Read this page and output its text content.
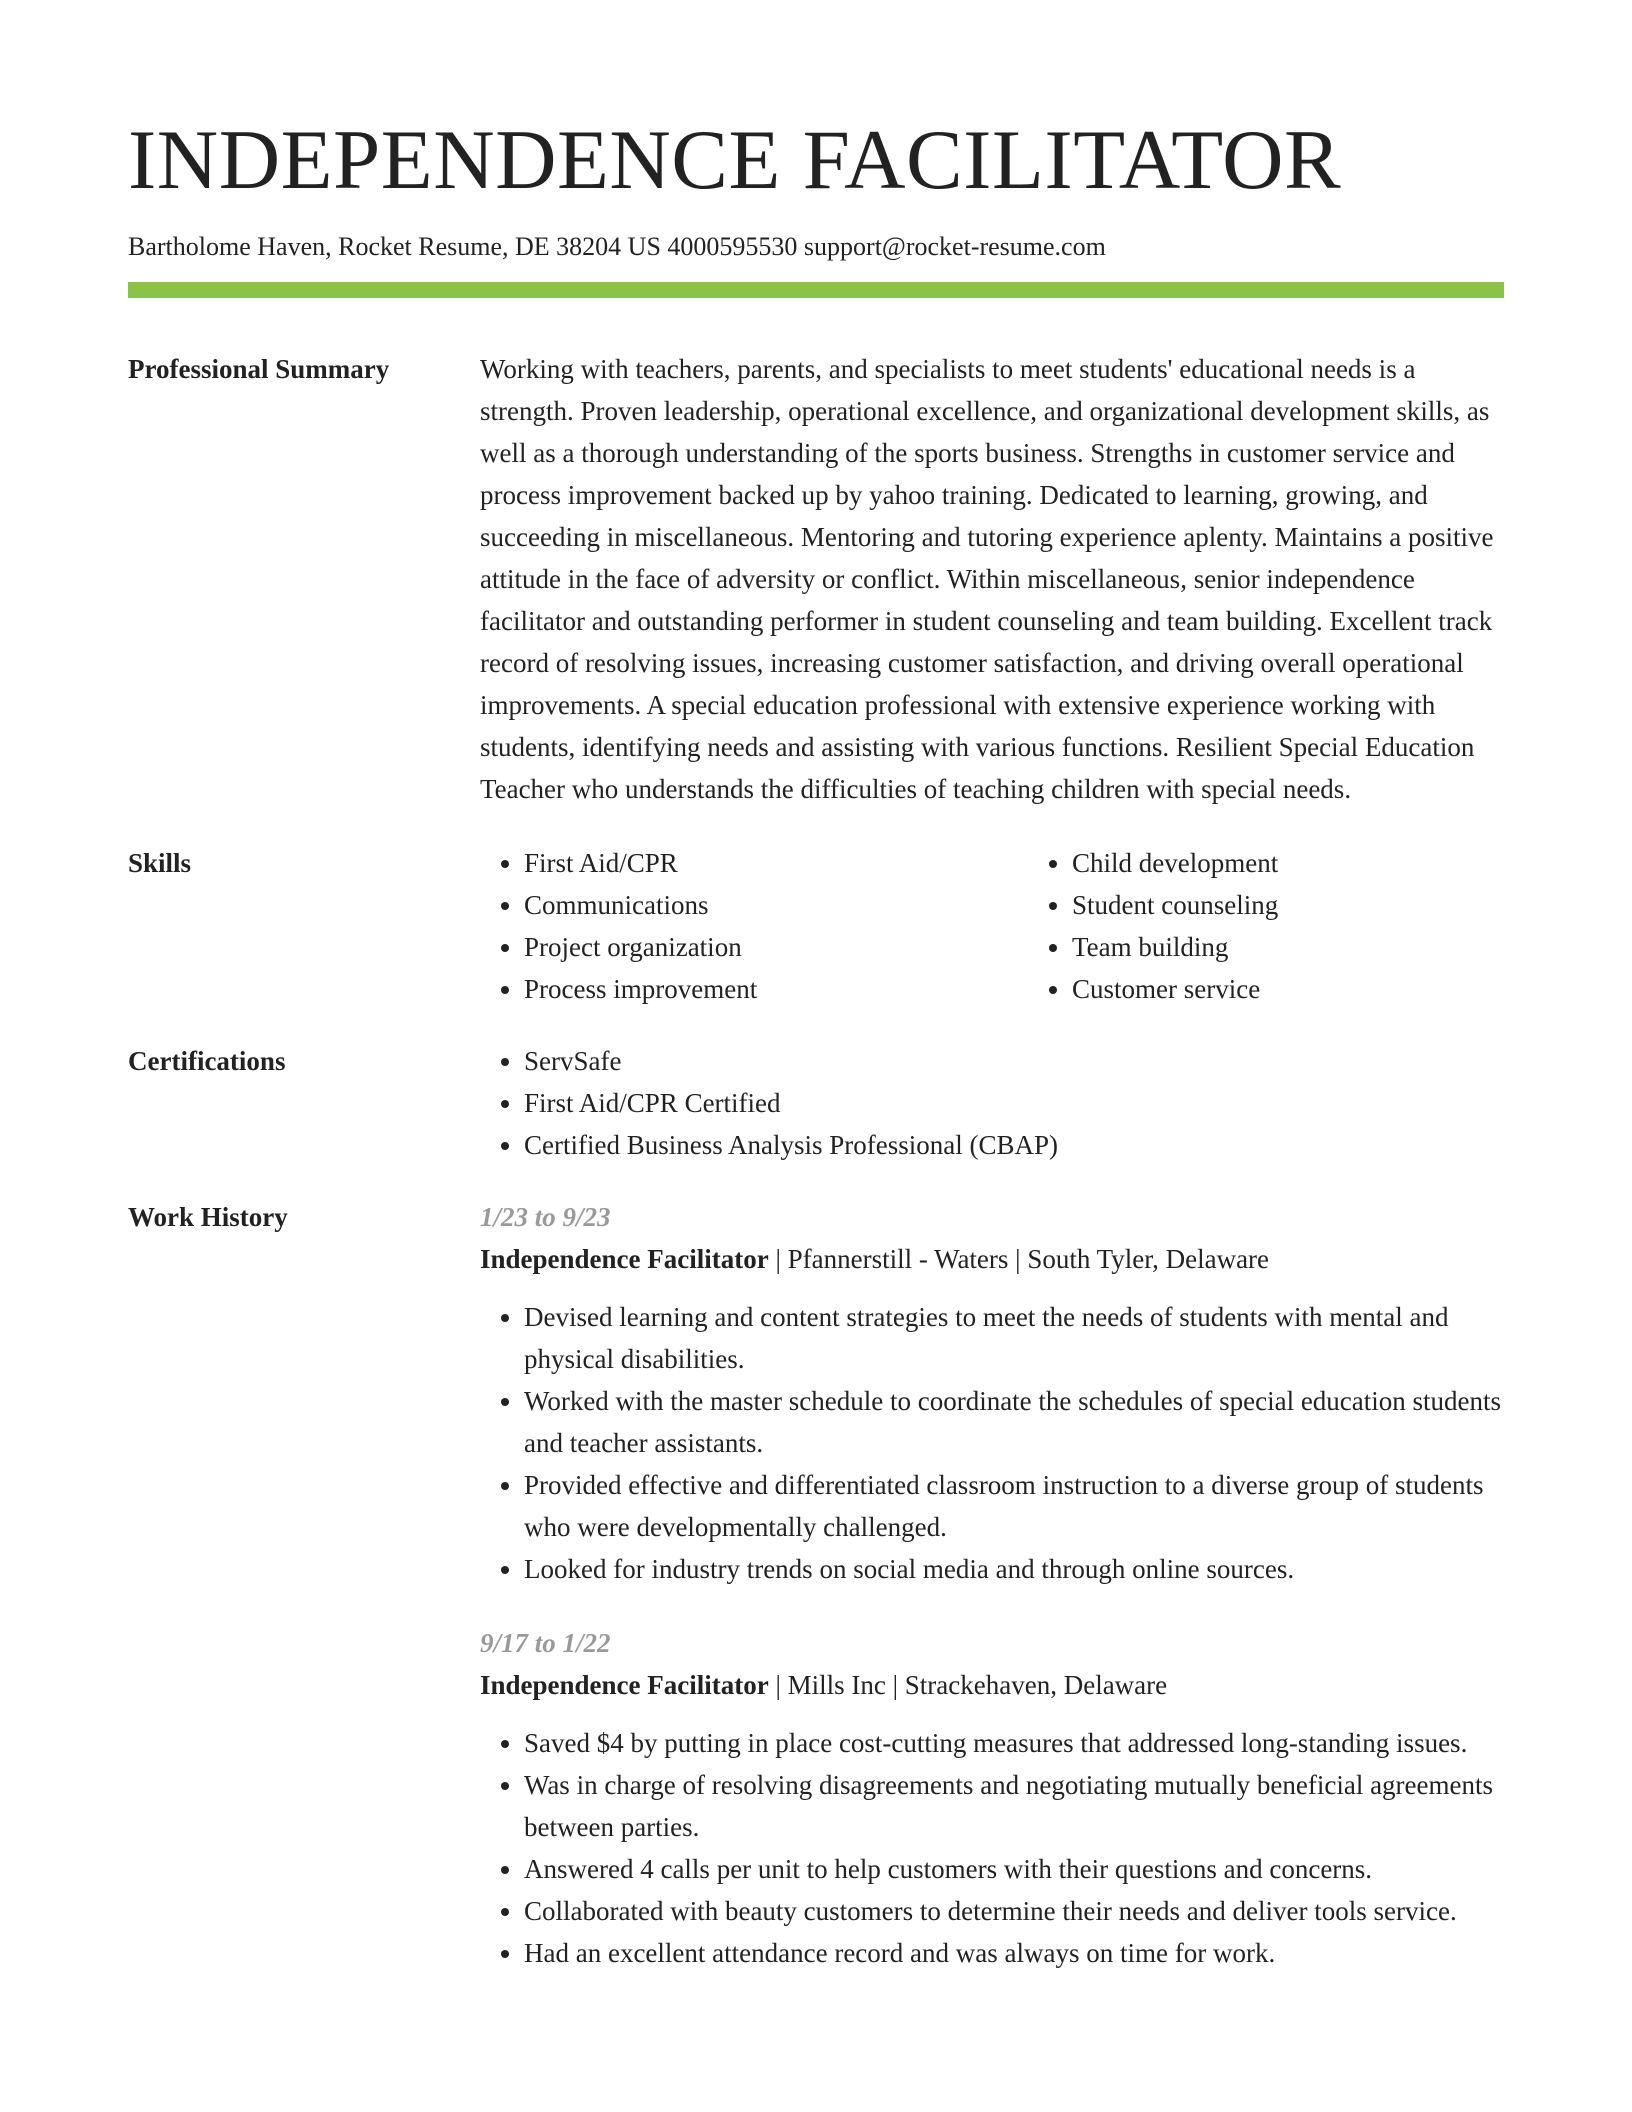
INDEPENDENCE FACILITATOR
Bartholome Haven, Rocket Resume, DE 38204 US 4000595530 support@rocket-resume.com
Professional Summary	Working with teachers, parents, and specialists to meet students' educational needs is a strength. Proven leadership, operational excellence, and organizational development skills, as well as a thorough understanding of the sports business. Strengths in customer service and process improvement backed up by yahoo training. Dedicated to learning, growing, and succeeding in miscellaneous. Mentoring and tutoring experience aplenty. Maintains a positive attitude in the face of adversity or conflict. Within miscellaneous, senior independence facilitator and outstanding performer in student counseling and team building. Excellent track record of resolving issues, increasing customer satisfaction, and driving overall operational improvements. A special education professional with extensive experience working with students, identifying needs and assisting with various functions. Resilient Special Education Teacher who understands the difficulties of teaching children with special needs.
Skills	• First Aid/CPR
• Communications
• Project organization
• Process improvement
• Child development
• Student counseling
• Team building
• Customer service
Certifications	• ServSafe
• First Aid/CPR Certified
• Certified Business Analysis Professional (CBAP)
Work History	1/23 to 9/23
Independence Facilitator | Pfannerstill - Waters | South Tyler, Delaware
• Devised learning and content strategies to meet the needs of students with mental and physical disabilities.
• Worked with the master schedule to coordinate the schedules of special education students and teacher assistants.
• Provided effective and differentiated classroom instruction to a diverse group of students who were developmentally challenged.
• Looked for industry trends on social media and through online sources.
9/17 to 1/22
Independence Facilitator | Mills Inc | Strackehaven, Delaware
• Saved $4 by putting in place cost-cutting measures that addressed long-standing issues.
• Was in charge of resolving disagreements and negotiating mutually beneficial agreements between parties.
• Answered 4 calls per unit to help customers with their questions and concerns.
• Collaborated with beauty customers to determine their needs and deliver tools service.
• Had an excellent attendance record and was always on time for work.
